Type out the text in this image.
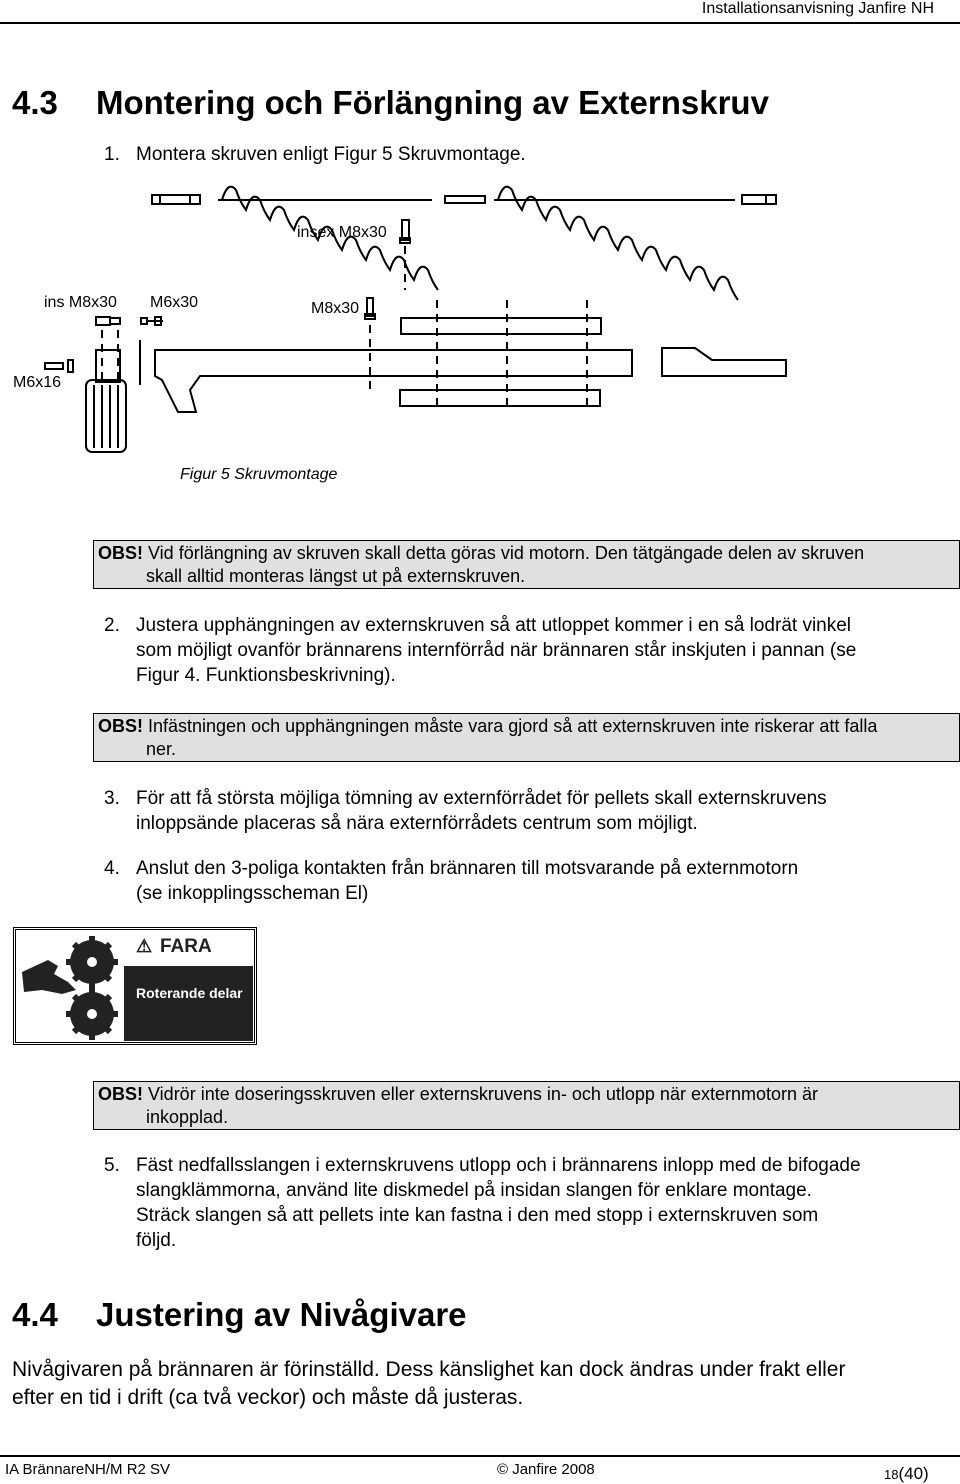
Installationsanvisning Janfire NH
4.3 Montering och Förlängning av Externskruv
1. Montera skruven enligt Figur 5 Skruvmontage.
insex M8x30
ins M8x30 M6x30	M8x30
M6x16
Figur 5 Skruvmontage
OBS! Vid förlängning av skruven skall detta göras vid motorn. Den tätgängade delen av skruven
skall alltid monteras längst ut på externskruven.
2. Justera upphängningen av externskruven så att utloppet kommer i en så lodrät vinkel
som möjligt ovanför brännarens internförråd när brännaren står inskjuten i pannan (se
Figur 4. Funktionsbeskrivning).
OBS! Infästningen och upphängningen måste vara gjord så att externskruven inte riskerar att falla
ner.
3. För att få största möjliga tömning av externförrådet för pellets skall externskruvens
inloppsände placeras så nära externförrådets centrum som möjligt.
4. Anslut den 3-poliga kontakten från brännaren till motsvarande på externmotorn
(se inkopplingsscheman El)
⚠ FARA
Roterande delar
OBS! Vidrör inte doseringsskruven eller externskruvens in- och utlopp när externmotorn är
inkopplad.
5. Fäst nedfallsslangen i externskruvens utlopp och i brännarens inlopp med de bifogade
slangklämmorna, använd lite diskmedel på insidan slangen för enklare montage.
Sträck slangen så att pellets inte kan fastna i den med stopp i externskruven som
följd.
4.4 Justering av Nivågivare
Nivågivaren på brännaren är förinställd. Dess känslighet kan dock ändras under frakt eller
efter en tid i drift (ca två veckor) och måste då justeras.
IA BrännareNH/M R2 SV	© Janfire 2008	18(40)
